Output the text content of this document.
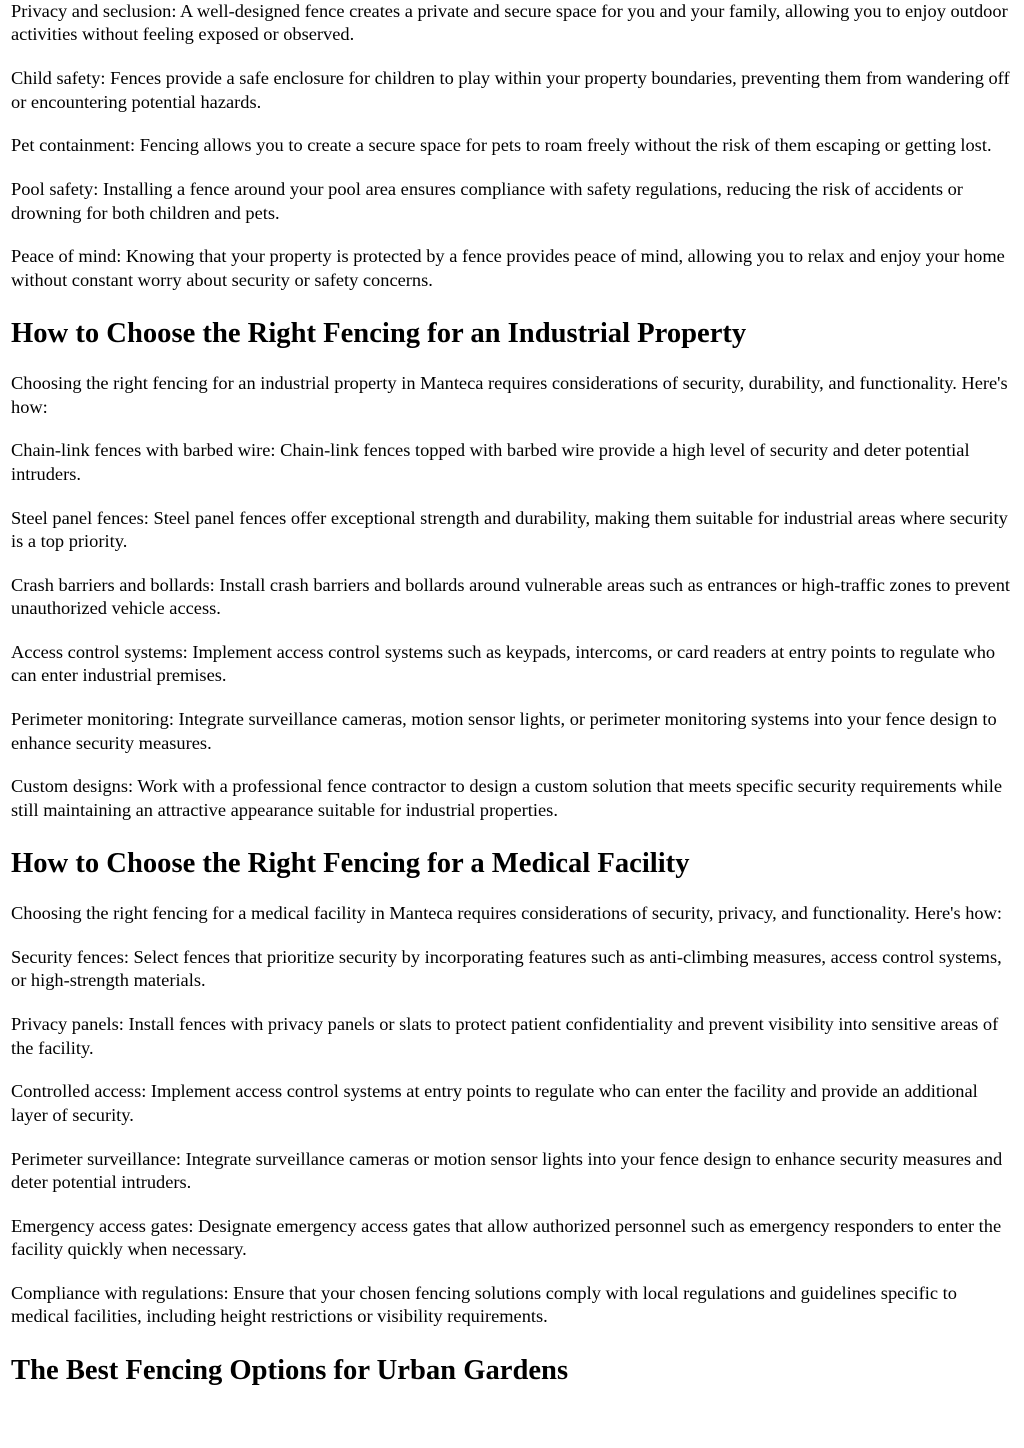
Privacy and seclusion: A well-designed fence creates a private and secure space for you and your family, allowing you to enjoy outdoor activities without feeling exposed or observed.

Child safety: Fences provide a safe enclosure for children to play within your property boundaries, preventing them from wandering off or encountering potential hazards.

Pet containment: Fencing allows you to create a secure space for pets to roam freely without the risk of them escaping or getting lost.

Pool safety: Installing a fence around your pool area ensures compliance with safety regulations, reducing the risk of accidents or drowning for both children and pets.

Peace of mind: Knowing that your property is protected by a fence provides peace of mind, allowing you to relax and enjoy your home without constant worry about security or safety concerns.

How to Choose the Right Fencing for an Industrial Property

Choosing the right fencing for an industrial property in Manteca requires considerations of security, durability, and functionality. Here's how:

Chain-link fences with barbed wire: Chain-link fences topped with barbed wire provide a high level of security and deter potential intruders.

Steel panel fences: Steel panel fences offer exceptional strength and durability, making them suitable for industrial areas where security is a top priority.

Crash barriers and bollards: Install crash barriers and bollards around vulnerable areas such as entrances or high-traffic zones to prevent unauthorized vehicle access.

Access control systems: Implement access control systems such as keypads, intercoms, or card readers at entry points to regulate who can enter industrial premises.

Perimeter monitoring: Integrate surveillance cameras, motion sensor lights, or perimeter monitoring systems into your fence design to enhance security measures.

Custom designs: Work with a professional fence contractor to design a custom solution that meets specific security requirements while still maintaining an attractive appearance suitable for industrial properties.

How to Choose the Right Fencing for a Medical Facility

Choosing the right fencing for a medical facility in Manteca requires considerations of security, privacy, and functionality. Here's how:

Security fences: Select fences that prioritize security by incorporating features such as anti-climbing measures, access control systems, or high-strength materials.

Privacy panels: Install fences with privacy panels or slats to protect patient confidentiality and prevent visibility into sensitive areas of the facility.

Controlled access: Implement access control systems at entry points to regulate who can enter the facility and provide an additional layer of security.

Perimeter surveillance: Integrate surveillance cameras or motion sensor lights into your fence design to enhance security measures and deter potential intruders.

Emergency access gates: Designate emergency access gates that allow authorized personnel such as emergency responders to enter the facility quickly when necessary.

Compliance with regulations: Ensure that your chosen fencing solutions comply with local regulations and guidelines specific to medical facilities, including height restrictions or visibility requirements.

The Best Fencing Options for Urban Gardens
